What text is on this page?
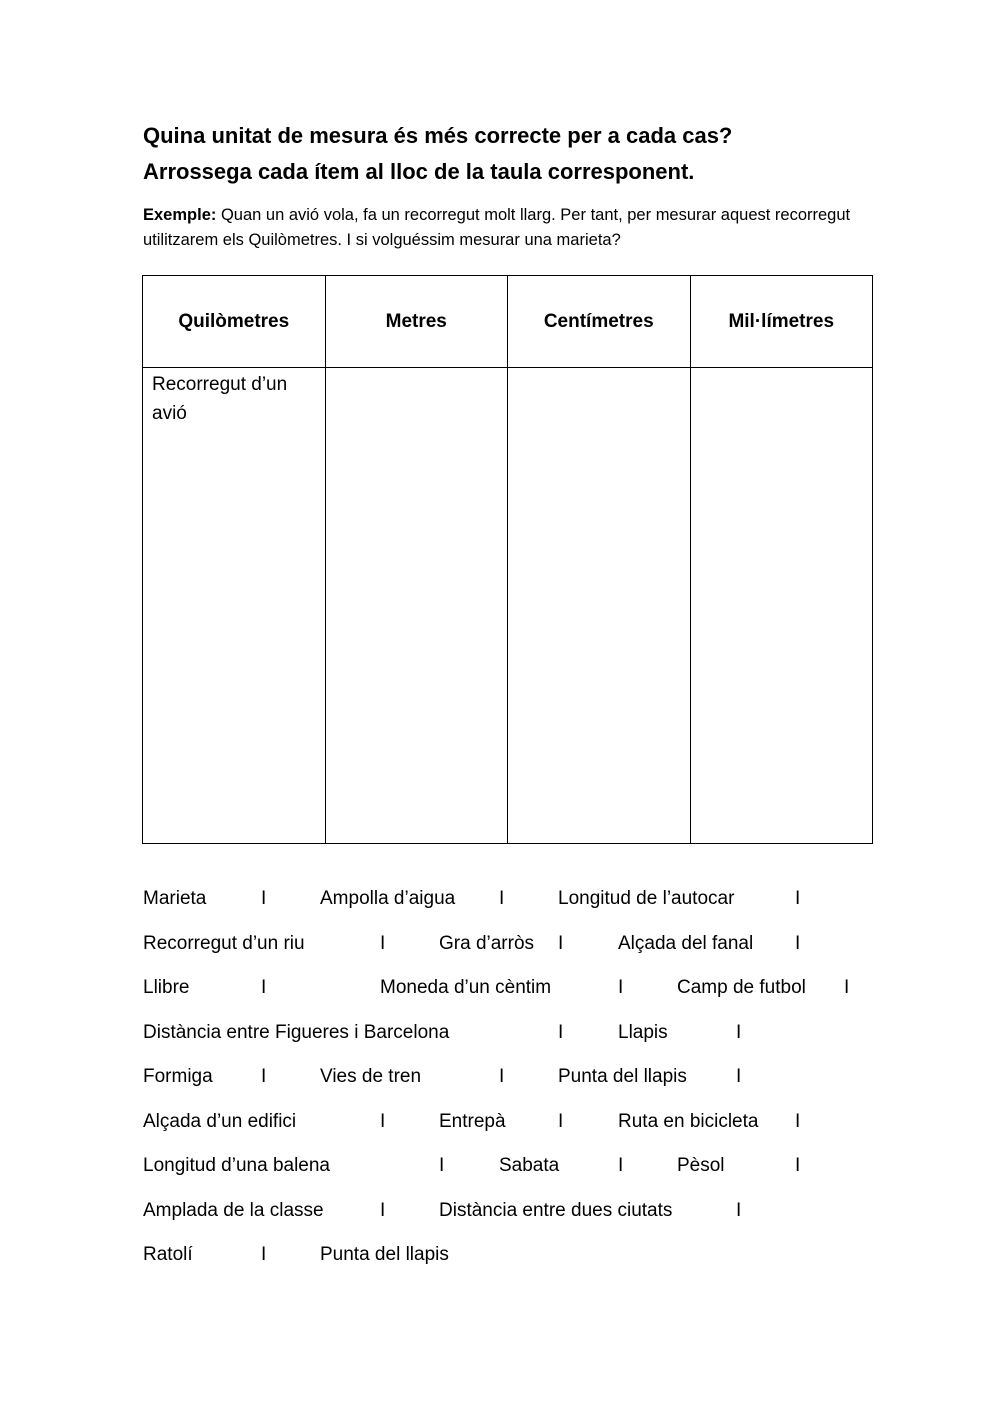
Quina unitat de mesura és més correcte per a cada cas?
Arrossega cada ítem al lloc de la taula corresponent.

Exemple: Quan un avió vola, fa un recorregut molt llarg. Per tant, per mesurar aquest recorregut utilitzarem els Quilòmetres. I si volguéssim mesurar una marieta?

Quilòmetres	Metres	Centímetres	Mil·límetres
Recorregut d’un avió			
Marieta	Ampolla d’aigua	Longitud de l’autocar
I	I	I
Recorregut d’un riu	Gra d’arròs	Alçada del fanal
I	I	I
Llibre	Moneda d’un cèntim	Camp de futbol
I	I	I
Distància entre Figueres i Barcelona	Llapis
I	I
Formiga	Vies de tren	Punta del llapis
I	I	I
Alçada d’un edifici	Entrepà	Ruta en bicicleta
I	I	I
Longitud d’una balena	Sabata	Pèsol
I	I	I
Amplada de la classe	Distància entre dues ciutats
I	I
Ratolí	Punta del llapis
I
